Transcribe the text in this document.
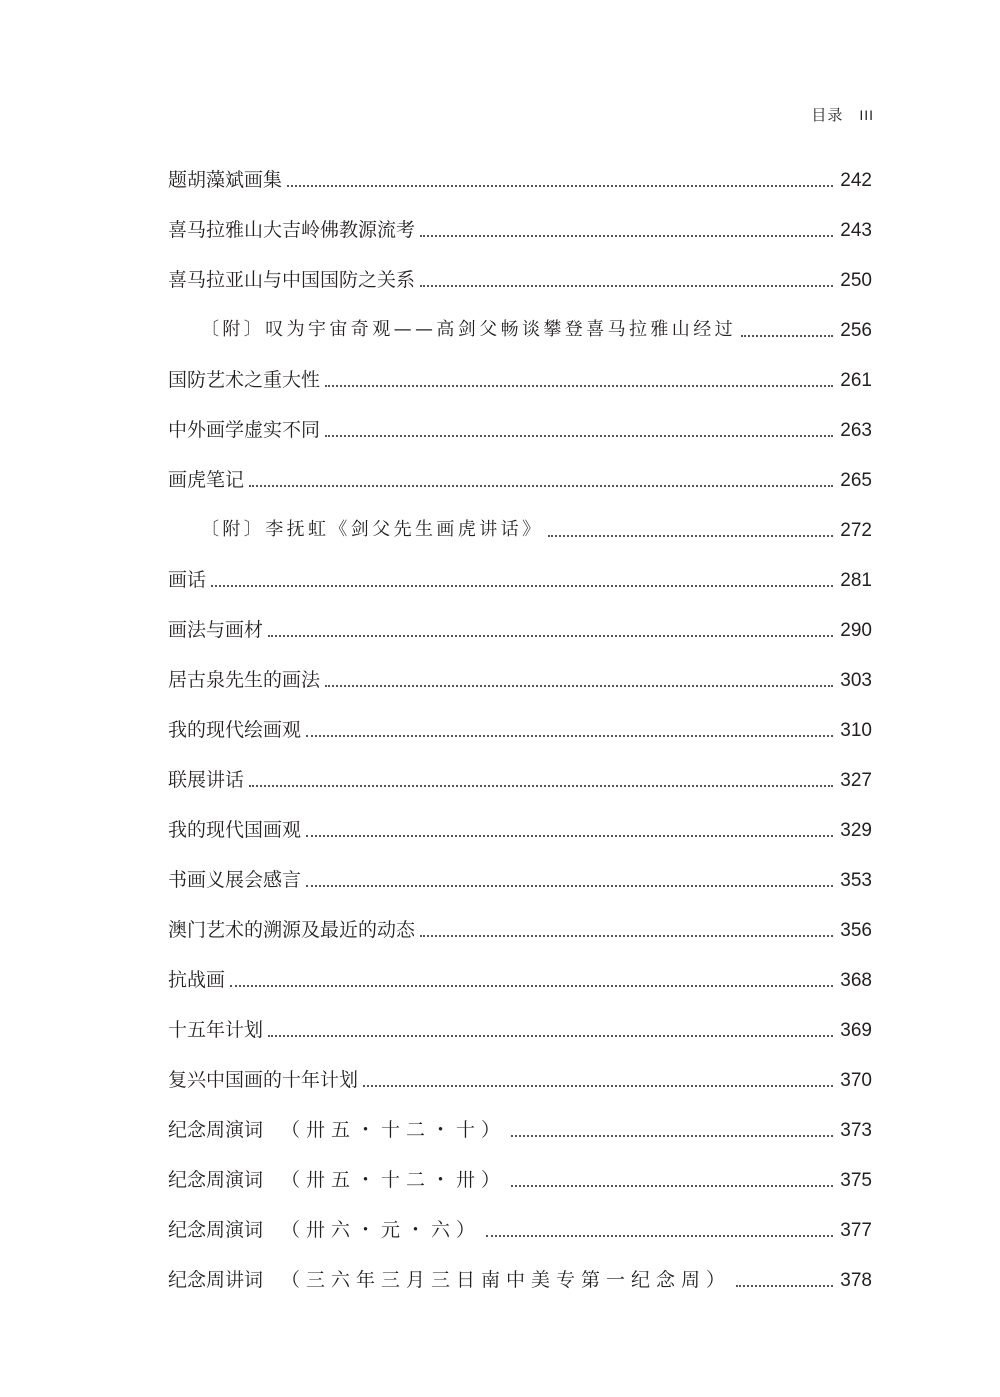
目录 III
题胡藻斌画集	242
喜马拉雅山大吉岭佛教源流考	243
喜马拉亚山与中国国防之关系	250
〔附〕叹为宇宙奇观——高剑父畅谈攀登喜马拉雅山经过	256
国防艺术之重大性	261
中外画学虚实不同	263
画虎笔记	265
〔附〕李抚虹《剑父先生画虎讲话》	272
画话	281
画法与画材	290
居古泉先生的画法	303
我的现代绘画观	310
联展讲话	327
我的现代国画观	329
书画义展会感言	353
澳门艺术的溯源及最近的动态	356
抗战画	368
十五年计划	369
复兴中国画的十年计划	370
纪念周演词 （卅五・十二・十）	373
纪念周演词 （卅五・十二・卅）	375
纪念周演词 （卅六・元・六）	377
纪念周讲词 （三六年三月三日南中美专第一纪念周）	378
